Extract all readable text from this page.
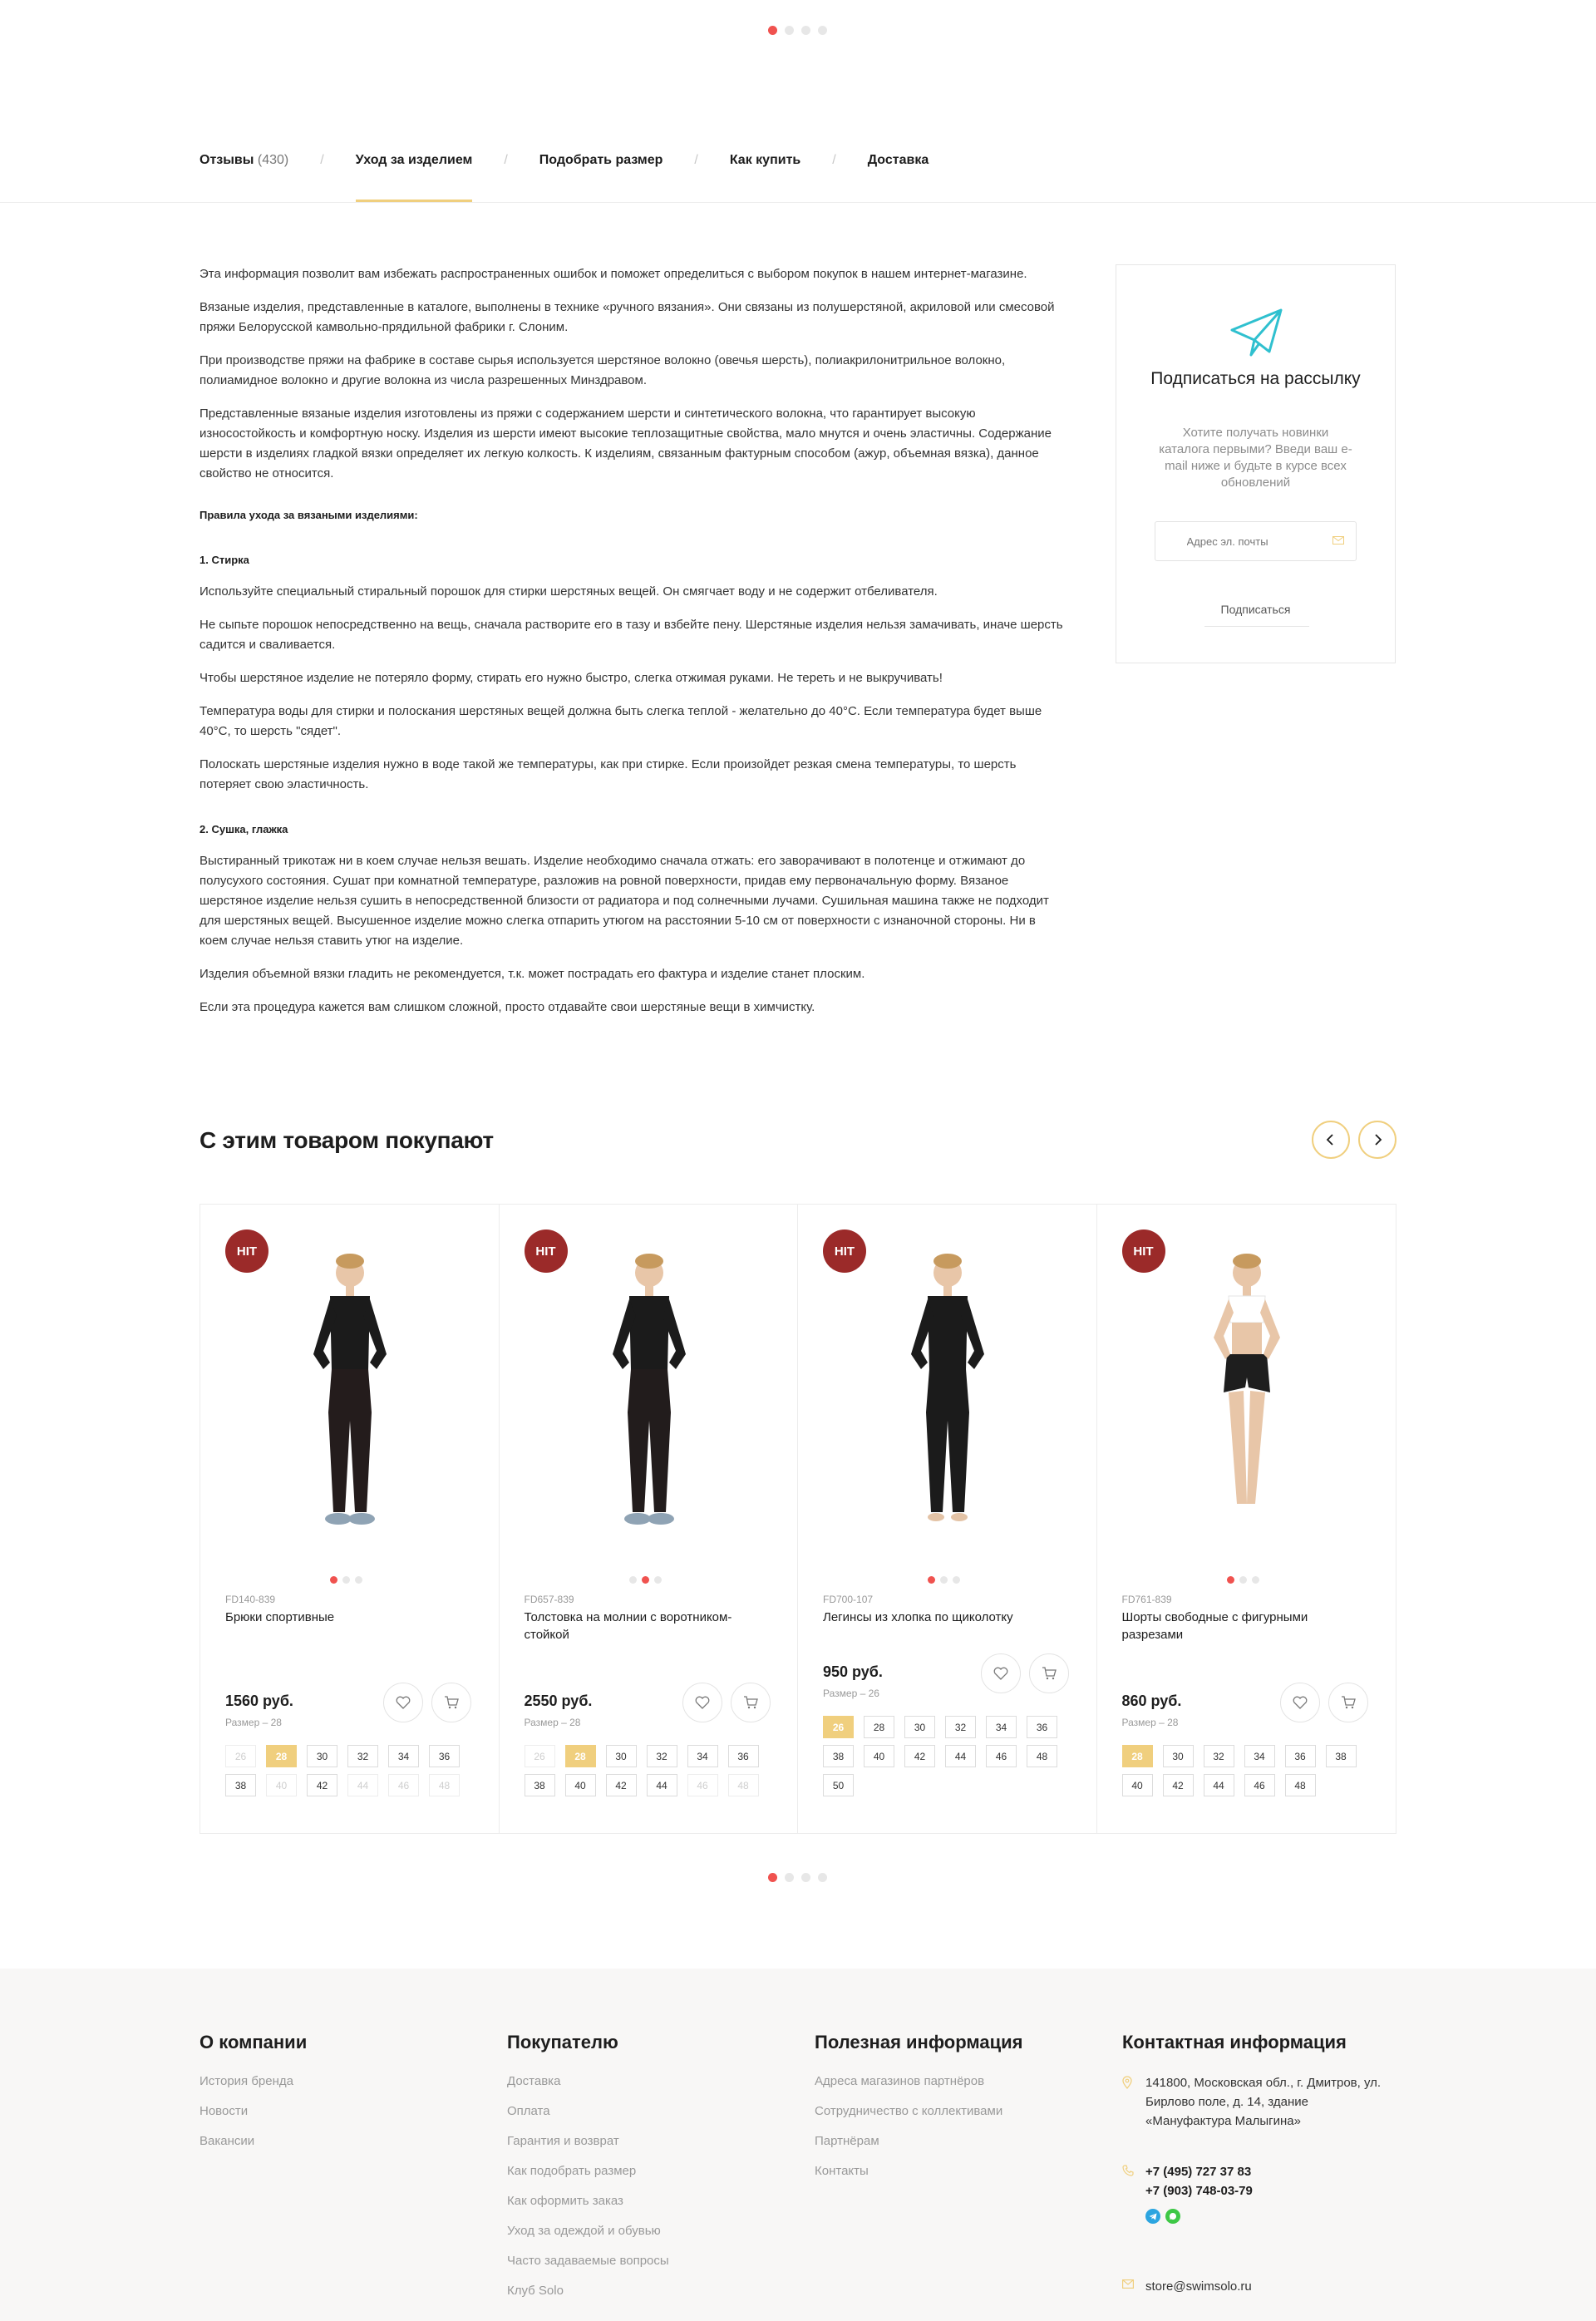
Отзывы (430) / Уход за изделием / Подобрать размер / Как купить / Доставка

Эта информация позволит вам избежать распространенных ошибок и поможет определиться с выбором покупок в нашем интернет-магазине.

Вязаные изделия, представленные в каталоге, выполнены в технике «ручного вязания». Они связаны из полушерстяной, акриловой или смесовой пряжи Белорусской камвольно-прядильной фабрики г. Слоним.

При производстве пряжи на фабрике в составе сырья используется шерстяное волокно (овечья шерсть), полиакрилонитрильное волокно, полиамидное волокно и другие волокна из числа разрешенных Минздравом.

Представленные вязаные изделия изготовлены из пряжи с содержанием шерсти и синтетического волокна, что гарантирует высокую износостойкость и комфортную носку. Изделия из шерсти имеют высокие теплозащитные свойства, мало мнутся и очень эластичны. Содержание шерсти в изделиях гладкой вязки определяет их легкую колкость. К изделиям, связанным фактурным способом (ажур, объемная вязка), данное свойство не относится.

Правила ухода за вязаными изделиями:
1. Стирка

Используйте специальный стиральный порошок для стирки шерстяных вещей. Он смягчает воду и не содержит отбеливателя.

Не сыпьте порошок непосредственно на вещь, сначала растворите его в тазу и взбейте пену. Шерстяные изделия нельзя замачивать, иначе шерсть садится и сваливается.

Чтобы шерстяное изделие не потеряло форму, стирать его нужно быстро, слегка отжимая руками. Не тереть и не выкручивать!

Температура воды для стирки и полоскания шерстяных вещей должна быть слегка теплой - желательно до 40°С. Если температура будет выше 40°С, то шерсть "сядет".

Полоскать шерстяные изделия нужно в воде такой же температуры, как при стирке. Если произойдет резкая смена температуры, то шерсть потеряет свою эластичность.

2. Сушка, глажка

Выстиранный трикотаж ни в коем случае нельзя вешать. Изделие необходимо сначала отжать: его заворачивают в полотенце и отжимают до полусухого состояния. Сушат при комнатной температуре, разложив на ровной поверхности, придав ему первоначальную форму. Вязаное шерстяное изделие нельзя сушить в непосредственной близости от радиатора и под солнечными лучами. Сушильная машина также не подходит для шерстяных вещей. Высушенное изделие можно слегка отпарить утюгом на расстоянии 5-10 см от поверхности с изнаночной стороны. Ни в коем случае нельзя ставить утюг на изделие.

Изделия объемной вязки гладить не рекомендуется, т.к. может пострадать его фактура и изделие станет плоским.

Если эта процедура кажется вам слишком сложной, просто отдавайте свои шерстяные вещи в химчистку.

Подписаться на рассылку
Хотите получать новинки каталога первыми? Введи ваш e-mail ниже и будьте в курсе всех обновлений
Адрес эл. почты
Подписаться
С этим товаром покупают
HIT
FD140-839
Брюки спортивные
1560 руб.
Размер – 28
26	28	30	32	34	36
38	40	42	44	46	48
HIT
FD657-839
Толстовка на молнии с воротником-стойкой
2550 руб.
Размер – 28
26	28	30	32	34	36
38	40	42	44	46	48
HIT
FD700-107
Легинсы из хлопка по щиколотку
950 руб.
Размер – 26
26	28	30	32	34	36
38	40	42	44	46	48
50
HIT
FD761-839
Шорты свободные с фигурными разрезами
860 руб.
Размер – 28
28	30	32	34	36	38
40	42	44	46	48
О компании
История бренда
Новости
Вакансии
Покупателю
Доставка
Оплата
Гарантия и возврат
Как подобрать размер
Как оформить заказ
Уход за одеждой и обувью
Часто задаваемые вопросы
Клуб Solo
Полезная информация
Адреса магазинов партнёров
Сотрудничество с коллективами
Партнёрам
Контакты
Контактная информация
141800, Московская обл., г. Дмитров, ул. Бирлово поле, д. 14, здание «Мануфактура Малыгина»
+7 (495) 727 37 83
+7 (903) 748-03-79
store@swimsolo.ru
